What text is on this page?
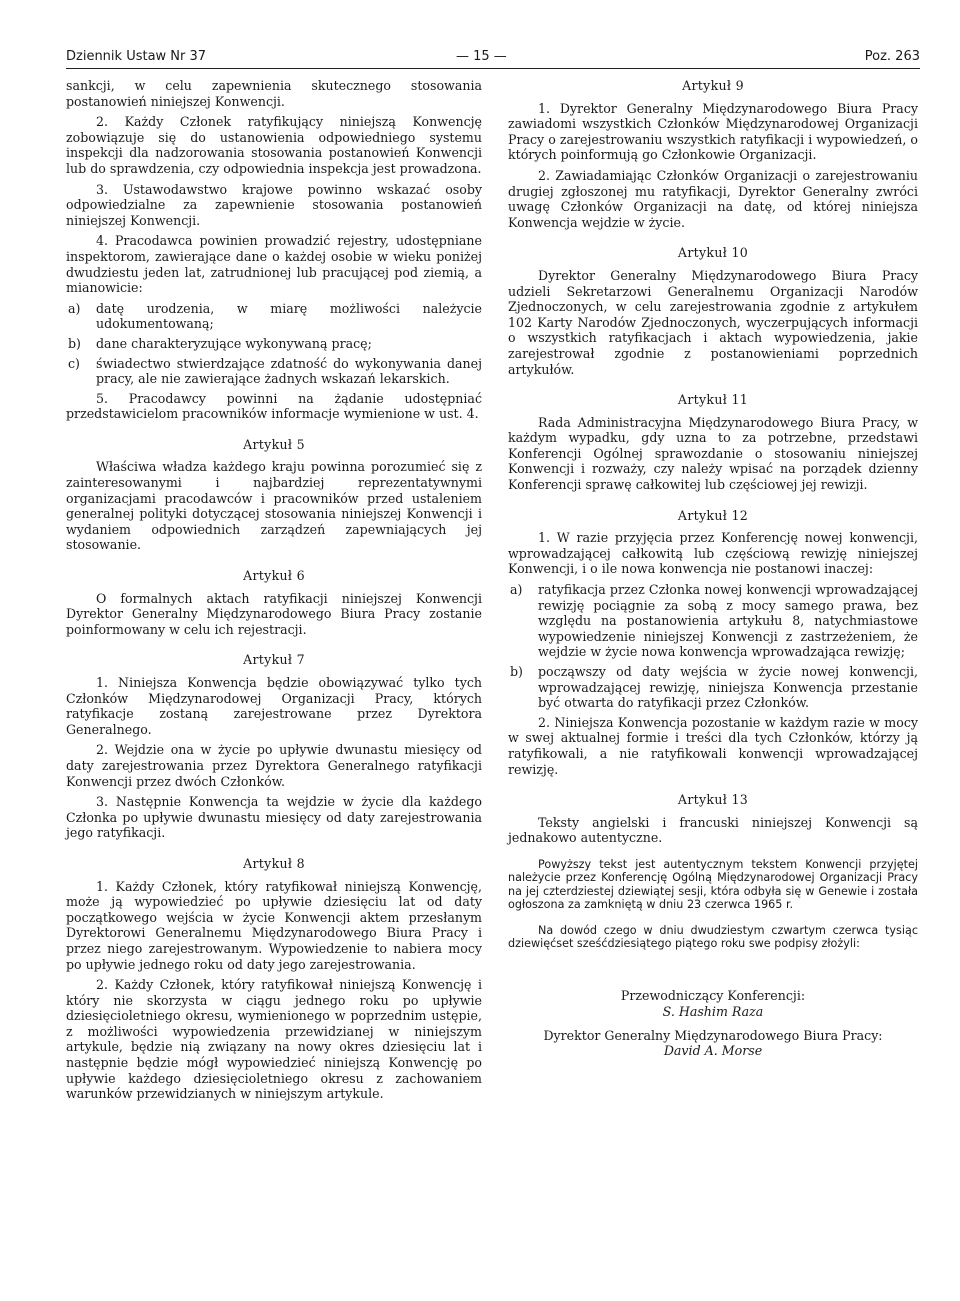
Dziennik Ustaw Nr 37	— 15 —	Poz. 263

sankcji, w celu zapewnienia skutecznego stosowania postanowień niniejszej Konwencji.

2. Każdy Członek ratyfikujący niniejszą Konwencję zobowiązuje się do ustanowienia odpowiedniego systemu inspekcji dla nadzorowania stosowania postanowień Konwencji lub do sprawdzenia, czy odpowiednia inspekcja jest prowadzona.

3. Ustawodawstwo krajowe powinno wskazać osoby odpowiedzialne za zapewnienie stosowania postanowień niniejszej Konwencji.

4. Pracodawca powinien prowadzić rejestry, udostępniane inspektorom, zawierające dane o każdej osobie w wieku poniżej dwudziestu jeden lat, zatrudnionej lub pracującej pod ziemią, a mianowicie:

a)	datę urodzenia, w miarę możliwości należycie udokumentowaną;
b)	dane charakteryzujące wykonywaną pracę;
c)	świadectwo stwierdzające zdatność do wykonywania danej pracy, ale nie zawierające żadnych wskazań lekarskich.

5. Pracodawcy powinni na żądanie udostępniać przedstawicielom pracowników informacje wymienione w ust. 4.

Artykuł 5

Właściwa władza każdego kraju powinna porozumieć się z zainteresowanymi i najbardziej reprezentatywnymi organizacjami pracodawców i pracowników przed ustaleniem generalnej polityki dotyczącej stosowania niniejszej Konwencji i wydaniem odpowiednich zarządzeń zapewniających jej stosowanie.

Artykuł 6

O formalnych aktach ratyfikacji niniejszej Konwencji Dyrektor Generalny Międzynarodowego Biura Pracy zostanie poinformowany w celu ich rejestracji.

Artykuł 7

1. Niniejsza Konwencja będzie obowiązywać tylko tych Członków Międzynarodowej Organizacji Pracy, których ratyfikacje zostaną zarejestrowane przez Dyrektora Generalnego.

2. Wejdzie ona w życie po upływie dwunastu miesięcy od daty zarejestrowania przez Dyrektora Generalnego ratyfikacji Konwencji przez dwóch Członków.

3. Następnie Konwencja ta wejdzie w życie dla każdego Członka po upływie dwunastu miesięcy od daty zarejestrowania jego ratyfikacji.

Artykuł 8

1. Każdy Członek, który ratyfikował niniejszą Konwencję, może ją wypowiedzieć po upływie dziesięciu lat od daty początkowego wejścia w życie Konwencji aktem przesłanym Dyrektorowi Generalnemu Międzynarodowego Biura Pracy i przez niego zarejestrowanym. Wypowiedzenie to nabiera mocy po upływie jednego roku od daty jego zarejestrowania.

2. Każdy Członek, który ratyfikował niniejszą Konwencję i który nie skorzysta w ciągu jednego roku po upływie dziesięcioletniego okresu, wymienionego w poprzednim ustępie, z możliwości wypowiedzenia przewidzianej w niniejszym artykule, będzie nią związany na nowy okres dziesięciu lat i następnie będzie mógł wypowiedzieć niniejszą Konwencję po upływie każdego dziesięcioletniego okresu z zachowaniem warunków przewidzianych w niniejszym artykule.

Artykuł 9

1. Dyrektor Generalny Międzynarodowego Biura Pracy zawiadomi wszystkich Członków Międzynarodowej Organizacji Pracy o zarejestrowaniu wszystkich ratyfikacji i wypowiedzeń, o których poinformują go Członkowie Organizacji.

2. Zawiadamiając Członków Organizacji o zarejestrowaniu drugiej zgłoszonej mu ratyfikacji, Dyrektor Generalny zwróci uwagę Członków Organizacji na datę, od której niniejsza Konwencja wejdzie w życie.

Artykuł 10

Dyrektor Generalny Międzynarodowego Biura Pracy udzieli Sekretarzowi Generalnemu Organizacji Narodów Zjednoczonych, w celu zarejestrowania zgodnie z artykułem 102 Karty Narodów Zjednoczonych, wyczerpujących informacji o wszystkich ratyfikacjach i aktach wypowiedzenia, jakie zarejestrował zgodnie z postanowieniami poprzednich artykułów.

Artykuł 11

Rada Administracyjna Międzynarodowego Biura Pracy, w każdym wypadku, gdy uzna to za potrzebne, przedstawi Konferencji Ogólnej sprawozdanie o stosowaniu niniejszej Konwencji i rozważy, czy należy wpisać na porządek dzienny Konferencji sprawę całkowitej lub częściowej jej rewizji.

Artykuł 12

1. W razie przyjęcia przez Konferencję nowej konwencji, wprowadzającej całkowitą lub częściową rewizję niniejszej Konwencji, i o ile nowa konwencja nie postanowi inaczej:

a)	ratyfikacja przez Członka nowej konwencji wprowadzającej rewizję pociągnie za sobą z mocy samego prawa, bez względu na postanowienia artykułu 8, natychmiastowe wypowiedzenie niniejszej Konwencji z zastrzeżeniem, że wejdzie w życie nowa konwencja wprowadzająca rewizję;
b)	począwszy od daty wejścia w życie nowej konwencji, wprowadzającej rewizję, niniejsza Konwencja przestanie być otwarta do ratyfikacji przez Członków.

2. Niniejsza Konwencja pozostanie w każdym razie w mocy w swej aktualnej formie i treści dla tych Członków, którzy ją ratyfikowali, a nie ratyfikowali konwencji wprowadzającej rewizję.

Artykuł 13

Teksty angielski i francuski niniejszej Konwencji są jednakowo autentyczne.

Powyższy tekst jest autentycznym tekstem Konwencji przyjętej należycie przez Konferencję Ogólną Międzynarodowej Organizacji Pracy na jej czterdziestej dziewiątej sesji, która odbyła się w Genewie i została ogłoszona za zamkniętą w dniu 23 czerwca 1965 r.

Na dowód czego w dniu dwudziestym czwartym czerwca tysiąc dziewięćset sześćdziesiątego piątego roku swe podpisy złożyli:

Przewodniczący Konferencji:

S. Hashim Raza

Dyrektor Generalny Międzynarodowego Biura Pracy:

David A. Morse
